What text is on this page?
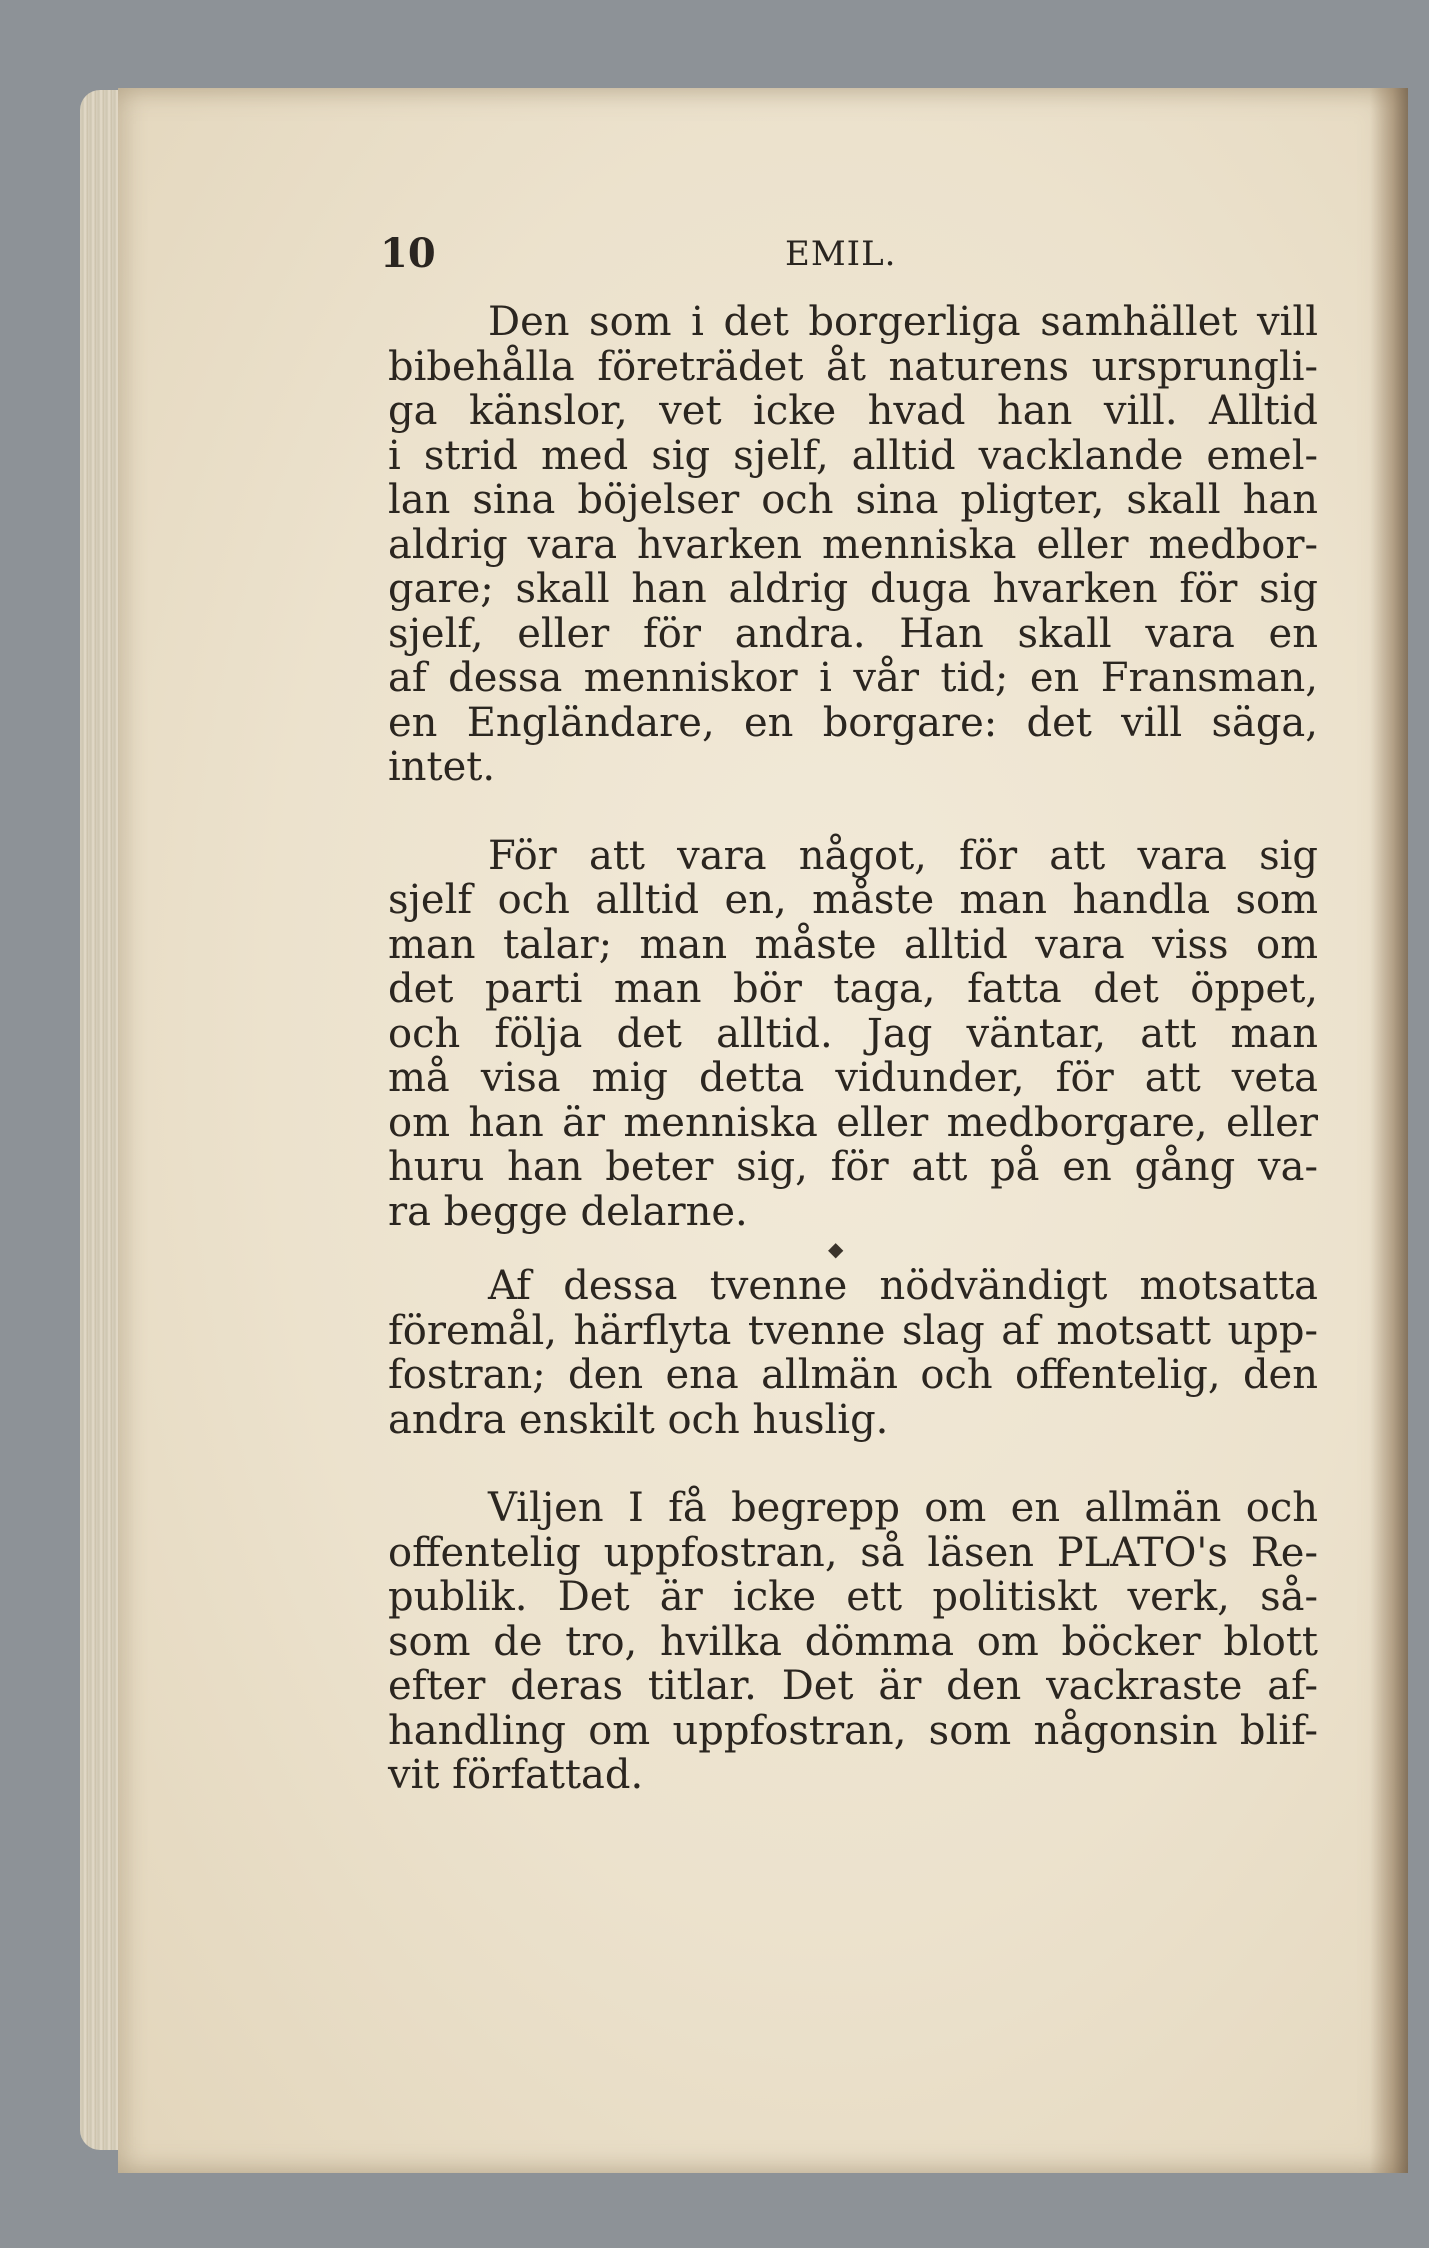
10	EMIL.
Den som i det borgerliga samhället vill
bibehålla företrädet åt naturens ursprungli-
ga känslor, vet icke hvad han vill. Alltid
i strid med sig sjelf, alltid vacklande emel-
lan sina böjelser och sina pligter, skall han
aldrig vara hvarken menniska eller medbor-
gare; skall han aldrig duga hvarken för sig
sjelf, eller för andra. Han skall vara en
af dessa menniskor i vår tid; en Fransman,
en Engländare, en borgare: det vill säga,
intet.
För att vara något, för att vara sig
sjelf och alltid en, måste man handla som
man talar; man måste alltid vara viss om
det parti man bör taga, fatta det öppet,
och följa det alltid. Jag väntar, att man
må visa mig detta vidunder, för att veta
om han är menniska eller medborgare, eller
huru han beter sig, för att på en gång va-
ra begge delarne.
◆
Af dessa tvenne nödvändigt motsatta
föremål, härflyta tvenne slag af motsatt upp-
fostran; den ena allmän och offentelig, den
andra enskilt och huslig.
Viljen I få begrepp om en allmän och
offentelig uppfostran, så läsen PLATO's Re-
publik. Det är icke ett politiskt verk, så-
som de tro, hvilka dömma om böcker blott
efter deras titlar. Det är den vackraste af-
handling om uppfostran, som någonsin blif-
vit författad.
